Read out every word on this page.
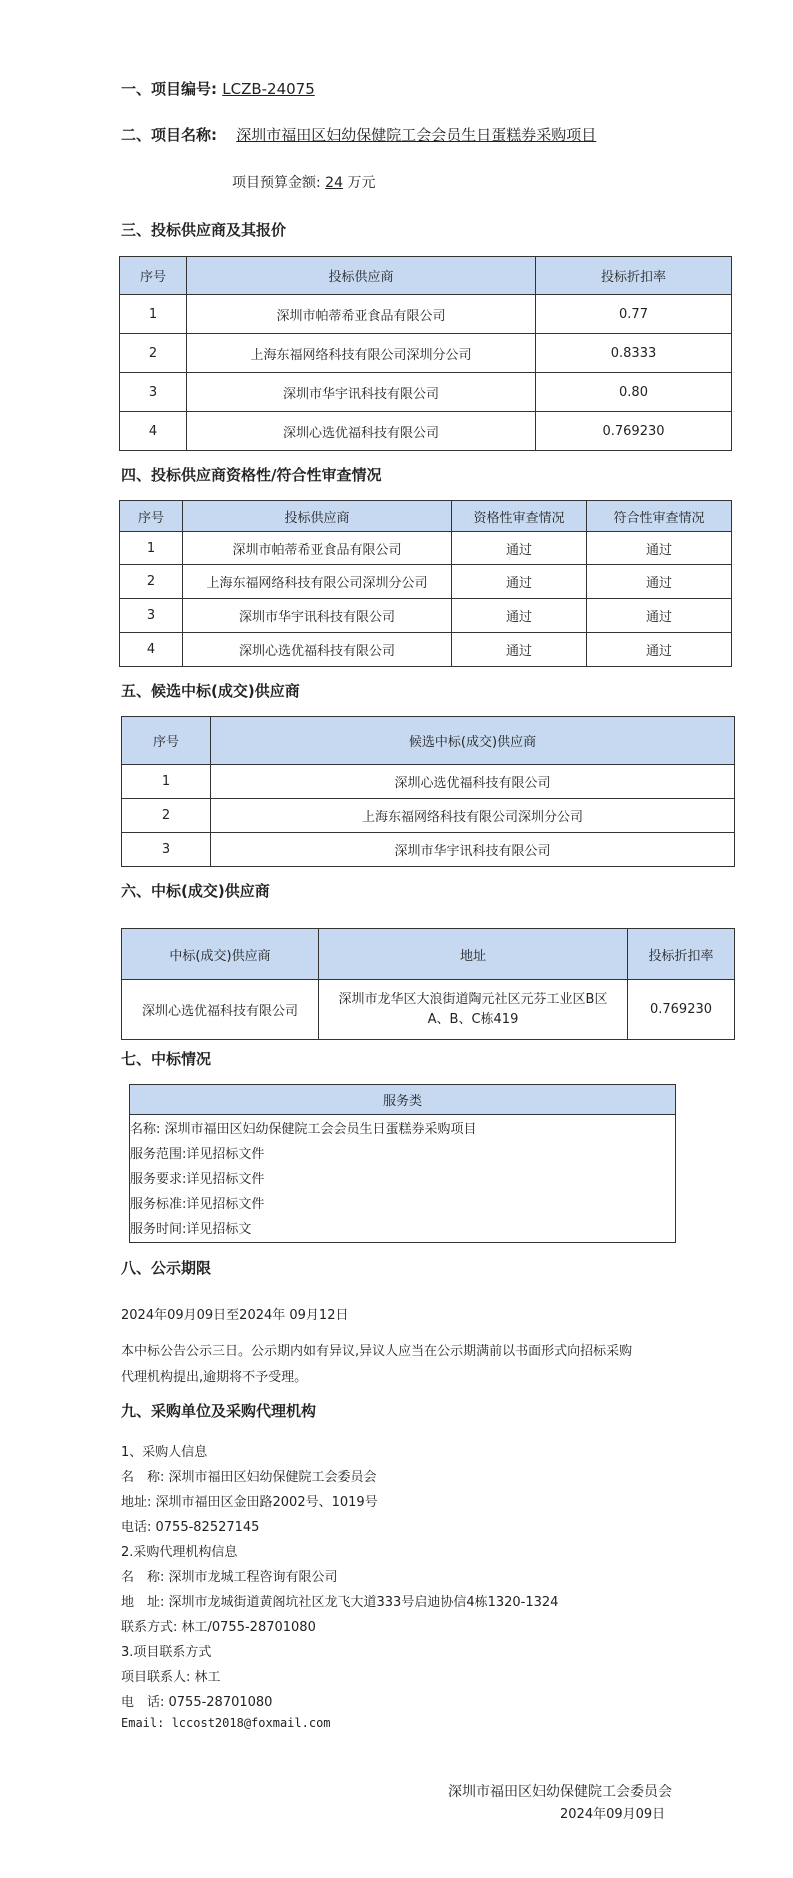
一、项目编号: LCZB-24075
二、项目名称: 深圳市福田区妇幼保健院工会会员生日蛋糕券采购项目
项目预算金额: 24 万元
三、投标供应商及其报价
序号	投标供应商	投标折扣率
1	深圳市帕蒂希亚食品有限公司	0.77
2	上海东福网络科技有限公司深圳分公司	0.8333
3	深圳市华宇讯科技有限公司	0.80
4	深圳心选优福科技有限公司	0.769230
四、投标供应商资格性/符合性审查情况
序号	投标供应商	资格性审查情况	符合性审查情况
1	深圳市帕蒂希亚食品有限公司	通过	通过
2	上海东福网络科技有限公司深圳分公司	通过	通过
3	深圳市华宇讯科技有限公司	通过	通过
4	深圳心选优福科技有限公司	通过	通过
五、候选中标(成交)供应商
序号	候选中标(成交)供应商
1	深圳心选优福科技有限公司
2	上海东福网络科技有限公司深圳分公司
3	深圳市华宇讯科技有限公司
六、中标(成交)供应商
中标(成交)供应商	地址	投标折扣率
深圳心选优福科技有限公司	深圳市龙华区大浪街道陶元社区元芬工业区B区
A、B、C栋419	0.769230
七、中标情况
服务类

名称: 深圳市福田区妇幼保健院工会会员生日蛋糕券采购项目
服务范围:详见招标文件
服务要求:详见招标文件
服务标准:详见招标文件
服务时间:详见招标文
八、公示期限
2024年09月09日至2024年 09月12日
本中标公告公示三日。公示期内如有异议,异议人应当在公示期满前以书面形式向招标采购
代理机构提出,逾期将不予受理。
九、采购单位及采购代理机构
1、采购人信息
名　称: 深圳市福田区妇幼保健院工会委员会
地址: 深圳市福田区金田路2002号、1019号
电话: 0755-82527145
2.采购代理机构信息
名　称: 深圳市龙城工程咨询有限公司
地　址: 深圳市龙城街道黄阁坑社区龙飞大道333号启迪协信4栋1320-1324
联系方式: 林工/0755-28701080
3.项目联系方式
项目联系人: 林工
电　话: 0755-28701080
Email: lccost2018@foxmail.com
深圳市福田区妇幼保健院工会委员会
2024年09月09日
